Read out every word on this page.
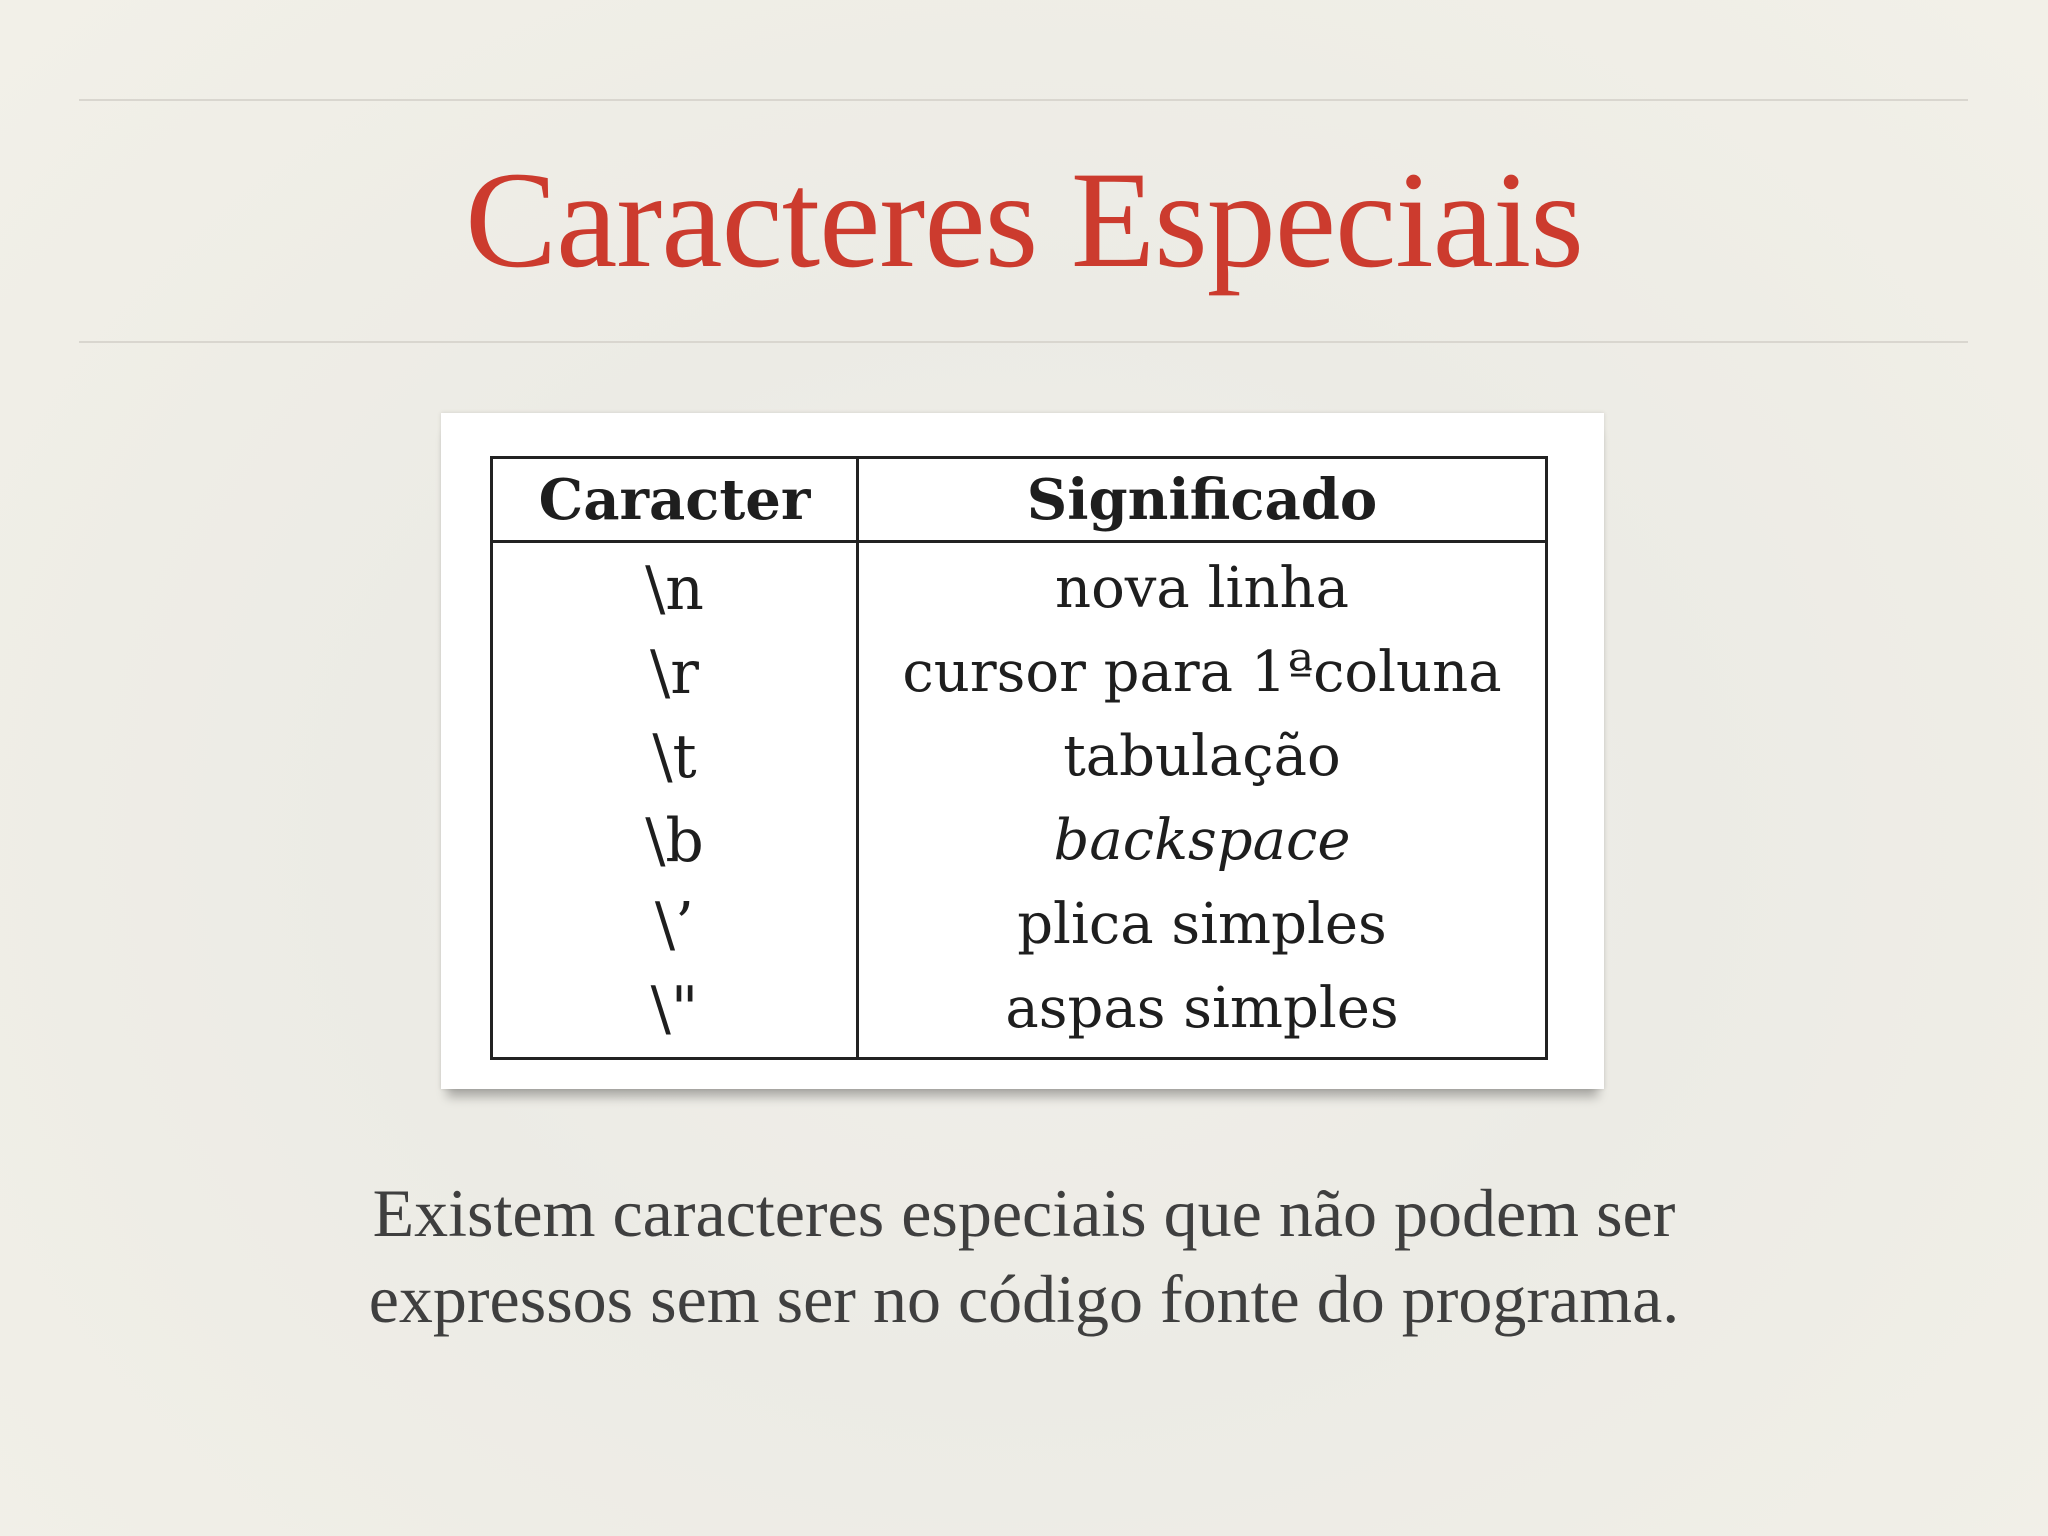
Caracteres Especiais
Caracter	Significado
\n	nova linha
\r	cursor para 1ªcoluna
\t	tabulação
\b	backspace
\’	plica simples
\"	aspas simples
Existem caracteres especiais que não podem ser
expressos sem ser no código fonte do programa.
